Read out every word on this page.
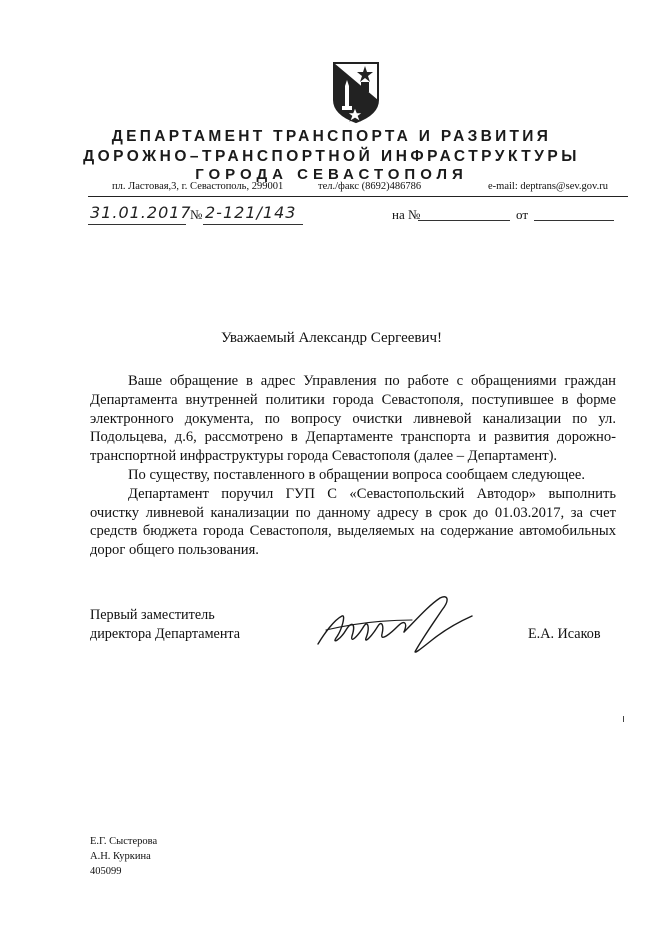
ДЕПАРТАМЕНТ ТРАНСПОРТА И РАЗВИТИЯ
ДОРОЖНО–ТРАНСПОРТНОЙ ИНФРАСТРУКТУРЫ
ГОРОДА СЕВАСТОПОЛЯ
пл. Ластовая,3, г. Севастополь, 299001	тел./факс (8692)486786	e-mail: deptrans@sev.gov.ru
31.01.2017
№ 2-121/143	на №	от
Уважаемый Александр Сергеевич!

Ваше обращение в адрес Управления по работе с обращениями граждан Департамента внутренней политики города Севастополя, поступившее в форме электронного документа, по вопросу очистки ливневой канализации по ул. Подольцева, д.6, рассмотрено в Департаменте транспорта и развития дорожно-транспортной инфраструктуры города Севастополя (далее – Департамент).

По существу, поставленного в обращении вопроса сообщаем следующее.

Департамент поручил ГУП С «Севастопольский Автодор» выполнить очистку ливневой канализации по данному адресу в срок до 01.03.2017, за счет средств бюджета города Севастополя, выделяемых на содержание автомобильных дорог общего пользования.

Первый заместитель
директора Департамента	Е.А. Исаков
Е.Г. Сыстерова
А.Н. Куркина
405099
